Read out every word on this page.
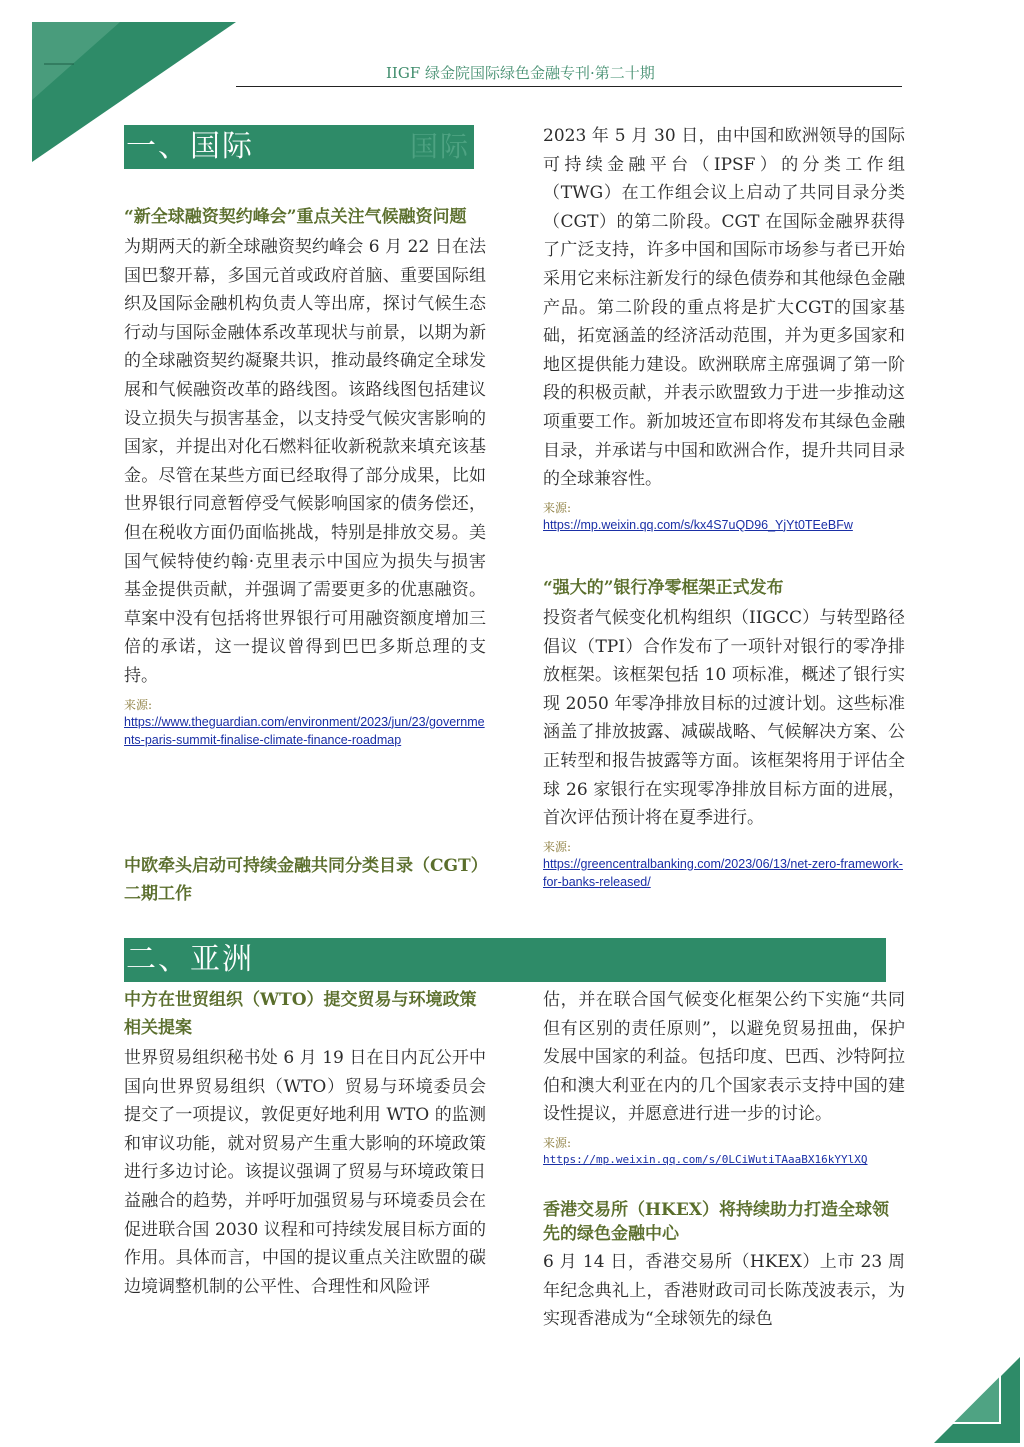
IIGF 绿金院国际绿色金融专刊·第二十期
一、国际	国际

“新全球融资契约峰会”重点关注气候融资问题

为期两天的新全球融资契约峰会 6 月 22 日在法国巴黎开幕，多国元首或政府首脑、重要国际组织及国际金融机构负责人等出席，探讨气候生态行动与国际金融体系改革现状与前景，以期为新的全球融资契约凝聚共识，推动最终确定全球发展和气候融资改革的路线图。该路线图包括建议设立损失与损害基金，以支持受气候灾害影响的国家，并提出对化石燃料征收新税款来填充该基金。尽管在某些方面已经取得了部分成果，比如世界银行同意暂停受气候影响国家的债务偿还，但在税收方面仍面临挑战，特别是排放交易。美国气候特使约翰·克里表示中国应为损失与损害基金提供贡献，并强调了需要更多的优惠融资。草案中没有包括将世界银行可用融资额度增加三倍的承诺，这一提议曾得到巴巴多斯总理的支持。

来源:

https://www.theguardian.com/environment/2023/jun/23/governments-paris-summit-finalise-climate-finance-roadmap

中欧牵头启动可持续金融共同分类目录（CGT）二期工作

2023 年 5 月 30 日，由中国和欧洲领导的国际可持续金融平台（IPSF）的分类工作组（TWG）在工作组会议上启动了共同目录分类（CGT）的第二阶段。CGT 在国际金融界获得了广泛支持，许多中国和国际市场参与者已开始采用它来标注新发行的绿色债券和其他绿色金融产品。第二阶段的重点将是扩大CGT的国家基础，拓宽涵盖的经济活动范围，并为更多国家和地区提供能力建设。欧洲联席主席强调了第一阶段的积极贡献，并表示欧盟致力于进一步推动这项重要工作。新加坡还宣布即将发布其绿色金融目录，并承诺与中国和欧洲合作，提升共同目录的全球兼容性。

来源:

https://mp.weixin.qq.com/s/kx4S7uQD96_YjYt0TEeBFw

“强大的”银行净零框架正式发布

投资者气候变化机构组织（IIGCC）与转型路径倡议（TPI）合作发布了一项针对银行的零净排放框架。该框架包括 10 项标准，概述了银行实现 2050 年零净排放目标的过渡计划。这些标准涵盖了排放披露、减碳战略、气候解决方案、公正转型和报告披露等方面。该框架将用于评估全球 26 家银行在实现零净排放目标方面的进展，首次评估预计将在夏季进行。

来源:

https://greencentralbanking.com/2023/06/13/net-zero-framework-for-banks-released/
二、亚洲

中方在世贸组织（WTO）提交贸易与环境政策相关提案

世界贸易组织秘书处 6 月 19 日在日内瓦公开中国向世界贸易组织（WTO）贸易与环境委员会提交了一项提议，敦促更好地利用 WTO 的监测和审议功能，就对贸易产生重大影响的环境政策进行多边讨论。该提议强调了贸易与环境政策日益融合的趋势，并呼吁加强贸易与环境委员会在促进联合国 2030 议程和可持续发展目标方面的作用。具体而言，中国的提议重点关注欧盟的碳边境调整机制的公平性、合理性和风险评

估，并在联合国气候变化框架公约下实施“共同但有区别的责任原则”，以避免贸易扭曲，保护发展中国家的利益。包括印度、巴西、沙特阿拉伯和澳大利亚在内的几个国家表示支持中国的建设性提议，并愿意进行进一步的讨论。

来源:

https://mp.weixin.qq.com/s/0LCiWutiTAaaBX16kYYlXQ

香港交易所（HKEX）将持续助力打造全球领先的绿色金融中心

6 月 14 日，香港交易所（HKEX）上市 23 周年纪念典礼上，香港财政司司长陈茂波表示，为实现香港成为“全球领先的绿色
